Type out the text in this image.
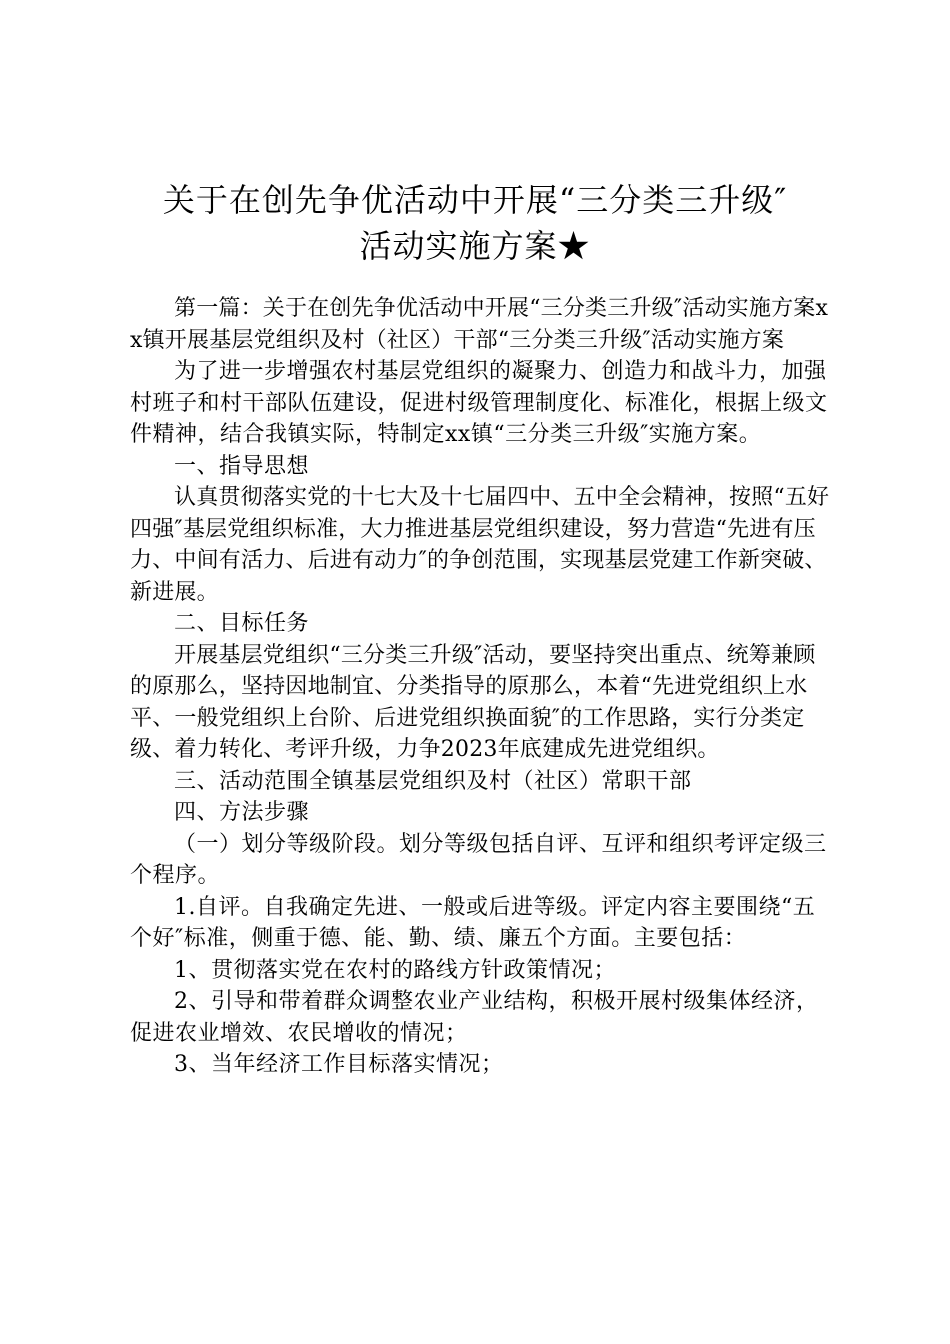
关于在创先争优活动中开展“三分类三升级″
活动实施方案★

第一篇：关于在创先争优活动中开展“三分类三升级″活动实施方案xx镇开展基层党组织及村（社区）干部“三分类三升级″活动实施方案

为了进一步增强农村基层党组织的凝聚力、创造力和战斗力，加强村班子和村干部队伍建设，促进村级管理制度化、标准化，根据上级文件精神，结合我镇实际，特制定xx镇“三分类三升级″实施方案。

一、指导思想

认真贯彻落实党的十七大及十七届四中、五中全会精神，按照“五好四强″基层党组织标准，大力推进基层党组织建设，努力营造“先进有压力、中间有活力、后进有动力″的争创范围，实现基层党建工作新突破、新进展。

二、目标任务

开展基层党组织“三分类三升级″活动，要坚持突出重点、统筹兼顾的原那么，坚持因地制宜、分类指导的原那么，本着“先进党组织上水平、一般党组织上台阶、后进党组织换面貌″的工作思路，实行分类定级、着力转化、考评升级，力争2023年底建成先进党组织。

三、活动范围全镇基层党组织及村（社区）常职干部

四、方法步骤

（一）划分等级阶段。划分等级包括自评、互评和组织考评定级三个程序。

1.自评。自我确定先进、一般或后进等级。评定内容主要围绕“五个好″标准，侧重于德、能、勤、绩、廉五个方面。主要包括：

1、贯彻落实党在农村的路线方针政策情况；

2、引导和带着群众调整农业产业结构，积极开展村级集体经济，促进农业增效、农民增收的情况；

3、当年经济工作目标落实情况；
